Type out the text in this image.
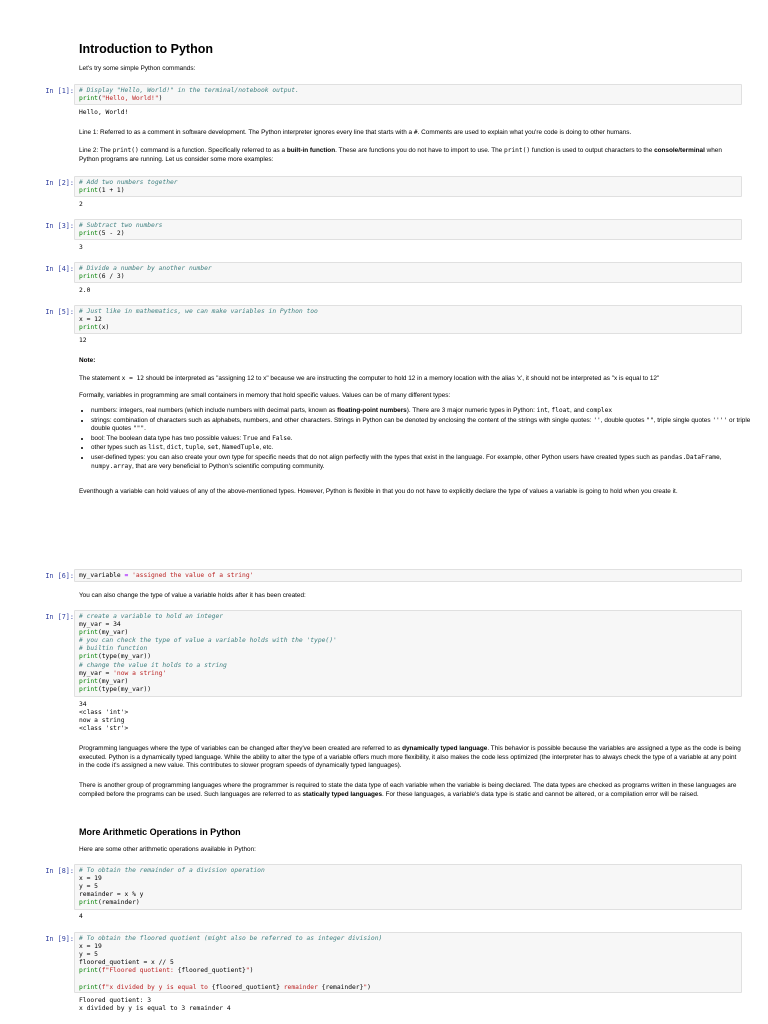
Introduction to Python
Let's try some simple Python commands:
In [1]: # Display "Hello, World!" in the terminal/notebook output.
print("Hello, World!")
Hello, World!
Line 1: Referred to as a comment in software development. The Python interpreter ignores every line that starts with a #. Comments are used to explain what you're code is doing to other humans.
Line 2: The print() command is a function. Specifically referred to as a built-in function. These are functions you do not have to import to use. The print() function is used to output characters to the console/terminal when Python programs are running. Let us consider some more examples:
In [2]: # Add two numbers together
print(1 + 1)
2
In [3]: # Subtract two numbers
print(5 - 2)
3
In [4]: # Divide a number by another number
print(6 / 3)
2.0
In [5]: # Just like in mathematics, we can make variables in Python too
x = 12
print(x)
12
Note:
The statement x = 12 should be interpreted as "assigning 12 to x" because we are instructing the computer to hold 12 in a memory location with the alias 'x', it should not be interpreted as "x is equal to 12"
Formally, variables in programming are small containers in memory that hold specific values. Values can be of many different types:
• numbers: integers, real numbers (which include numbers with decimal parts, known as floating-point numbers). There are 3 major numeric types in Python: int, float, and complex
• strings: combination of characters such as alphabets, numbers, and other characters. Strings in Python can be denoted by enclosing the content of the strings with single quotes: '', double quotes "", triple single quotes '''' or triple double quotes """.
• bool: The boolean data type has two possible values: True and False.
• other types such as list, dict, tuple, set, NamedTuple, etc.
• user-defined types: you can also create your own type for specific needs that do not align perfectly with the types that exist in the language. For example, other Python users have created types such as pandas.DataFrame, numpy.array, that are very beneficial to Python's scientific computing community.
Eventhough a variable can hold values of any of the above-mentioned types. However, Python is flexible in that you do not have to explicitly declare the type of values a variable is going to hold when you create it.
In [6]: my_variable = 'assigned the value of a string'
You can also change the type of value a variable holds after it has been created:
In [7]: # create a variable to hold an integer
my_var = 34
print(my_var)
# you can check the type of value a variable holds with the 'type()'
# builtin function
print(type(my_var))
# change the value it holds to a string
my_var = 'now a string'
print(my_var)
print(type(my_var))
34
<class 'int'>
now a string
<class 'str'>
Programming languages where the type of variables can be changed after they've been created are referred to as dynamically typed language. This behavior is possible because the variables are assigned a type as the code is being executed. Python is a dynamically typed language. While the ability to alter the type of a variable offers much more flexibility, it also makes the code less optimized (the interpreter has to always check the type of a variable at any point in the code it's assigned a new value. This contributes to slower program speeds of dynamically typed languages).
There is another group of programming languages where the programmer is required to state the data type of each variable when the variable is being declared. The data types are checked as programs written in these languages are compiled before the programs can be used. Such languages are referred to as statically typed languages. For these languages, a variable's data type is static and cannot be altered, or a compilation error will be raised.
More Arithmetic Operations in Python
Here are some other arithmetic operations available in Python:
In [8]: # To obtain the remainder of a division operation
x = 19
y = 5
remainder = x % y
print(remainder)
4
In [9]: # To obtain the floored quotient (might also be referred to as integer division)
x = 19
y = 5
floored_quotient = x // 5
print(f"Floored quotient: {floored_quotient}")

print(f"x divided by y is equal to {floored_quotient} remainder {remainder}")
Floored quotient: 3
x divided by y is equal to 3 remainder 4
